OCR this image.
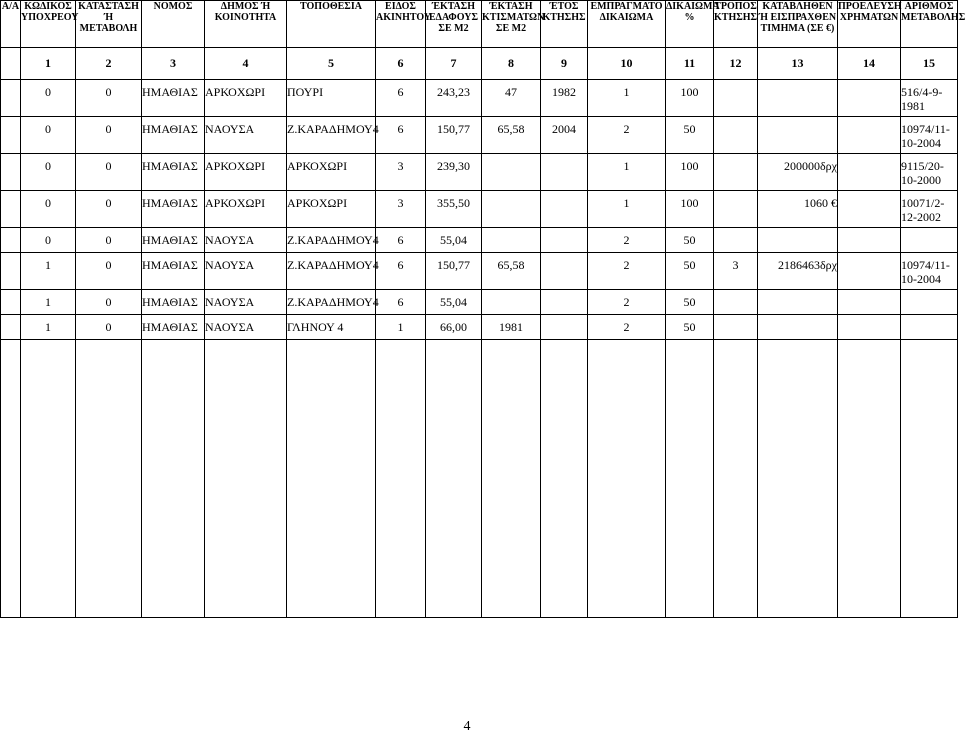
Α/Α	ΚΩΔΙΚΟΣ ΥΠΟΧΡΕΟΥ	ΚΑΤΑΣΤΑΣΗ Ή ΜΕΤΑΒΟΛΗ	ΝΟΜΟΣ	ΔΗΜΟΣ Ή ΚΟΙΝΟΤΗΤΑ	ΤΟΠΟΘΕΣΙΑ	ΕΙΔΟΣ ΑΚΙΝΗΤΟΥ	ΈΚΤΑΣΗ ΕΔΑΦΟΥΣ ΣΕ Μ2	ΈΚΤΑΣΗ ΚΤΙΣΜΑΤΩΝ ΣΕ Μ2	ΈΤΟΣ ΚΤΗΣΗΣ	ΕΜΠΡΑΓΜΑΤΟ ΔΙΚΑΙΩΜΑ	ΔΙΚΑΙΩΜΑ %	ΤΡΟΠΟΣ ΚΤΗΣΗΣ	ΚΑΤΑΒΛΗΘΕΝ Ή ΕΙΣΠΡΑΧΘΕΝ ΤΙΜΗΜΑ (ΣΕ €)	ΠΡΟΕΛΕΥΣΗ ΧΡΗΜΑΤΩΝ	ΑΡΙΘΜΟΣ ΜΕΤΑΒΟΛΗΣ
	1	2	3	4	5	6	7	8	9	10	11	12	13	14	15
	0	0	ΗΜΑΘΙΑΣ	ΑΡΚΟΧΩΡΙ	ΠΟΥΡΙ	6	243,23	47	1982	1	100				516/4-9-1981
	0	0	ΗΜΑΘΙΑΣ	ΝΑΟΥΣΑ	Ζ.ΚΑΡΑΔΗΜΟΥ4	6	150,77	65,58	2004	2	50				10974/11-10-2004
	0	0	ΗΜΑΘΙΑΣ	ΑΡΚΟΧΩΡΙ	ΑΡΚΟΧΩΡΙ	3	239,30			1	100		200000δρχ		9115/20-10-2000
	0	0	ΗΜΑΘΙΑΣ	ΑΡΚΟΧΩΡΙ	ΑΡΚΟΧΩΡΙ	3	355,50			1	100		1060 €		10071/2-12-2002
	0	0	ΗΜΑΘΙΑΣ	ΝΑΟΥΣΑ	Ζ.ΚΑΡΑΔΗΜΟΥ4	6	55,04			2	50				
	1	0	ΗΜΑΘΙΑΣ	ΝΑΟΥΣΑ	Ζ.ΚΑΡΑΔΗΜΟΥ4	6	150,77	65,58		2	50	3	2186463δρχ		10974/11-10-2004
	1	0	ΗΜΑΘΙΑΣ	ΝΑΟΥΣΑ	Ζ.ΚΑΡΑΔΗΜΟΥ4	6	55,04			2	50				
	1	0	ΗΜΑΘΙΑΣ	ΝΑΟΥΣΑ	ΓΛΗΝΟΥ 4	1	66,00	1981		2	50				

4
